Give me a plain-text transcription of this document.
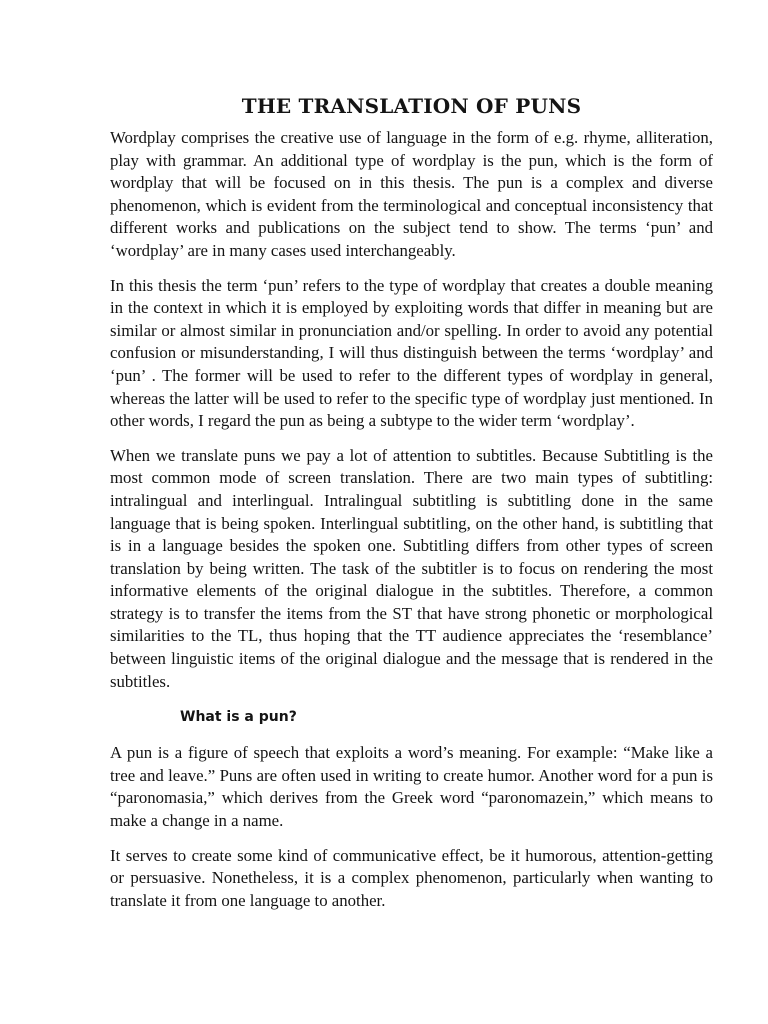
THE TRANSLATION OF PUNS

Wordplay comprises the creative use of language in the form of e.g. rhyme, alliteration, play with grammar. An additional type of wordplay is the pun, which is the form of wordplay that will be focused on in this thesis. The pun is a complex and diverse phenomenon, which is evident from the terminological and conceptual inconsistency that different works and publications on the subject tend to show. The terms ‘pun’ and ‘wordplay’ are in many cases used interchangeably.

In this thesis the term ‘pun’ refers to the type of wordplay that creates a double meaning in the context in which it is employed by exploiting words that differ in meaning but are similar or almost similar in pronunciation and/or spelling. In order to avoid any potential confusion or misunderstanding, I will thus distinguish between the terms ‘wordplay’ and ‘pun’ . The former will be used to refer to the different types of wordplay in general, whereas the latter will be used to refer to the specific type of wordplay just mentioned. In other words, I regard the pun as being a subtype to the wider term ‘wordplay’.

When we translate puns we pay a lot of attention to subtitles. Because Subtitling is the most common mode of screen translation. There are two main types of subtitling: intralingual and interlingual. Intralingual subtitling is subtitling done in the same language that is being spoken. Interlingual subtitling, on the other hand, is subtitling that is in a language besides the spoken one. Subtitling differs from other types of screen translation by being written. The task of the subtitler is to focus on rendering the most informative elements of the original dialogue in the subtitles. Therefore, a common strategy is to transfer the items from the ST that have strong phonetic or morphological similarities to the TL, thus hoping that the TT audience appreciates the ‘resemblance’ between linguistic items of the original dialogue and the message that is rendered in the subtitles.

What is a pun?

A pun is a figure of speech that exploits a word’s meaning. For example: “Make like a tree and leave.” Puns are often used in writing to create humor. Another word for a pun is “paronomasia,” which derives from the Greek word “paronomazein,” which means to make a change in a name.

It serves to create some kind of communicative effect, be it humorous, attention-getting or persuasive. Nonetheless, it is a complex phenomenon, particularly when wanting to translate it from one language to another.
